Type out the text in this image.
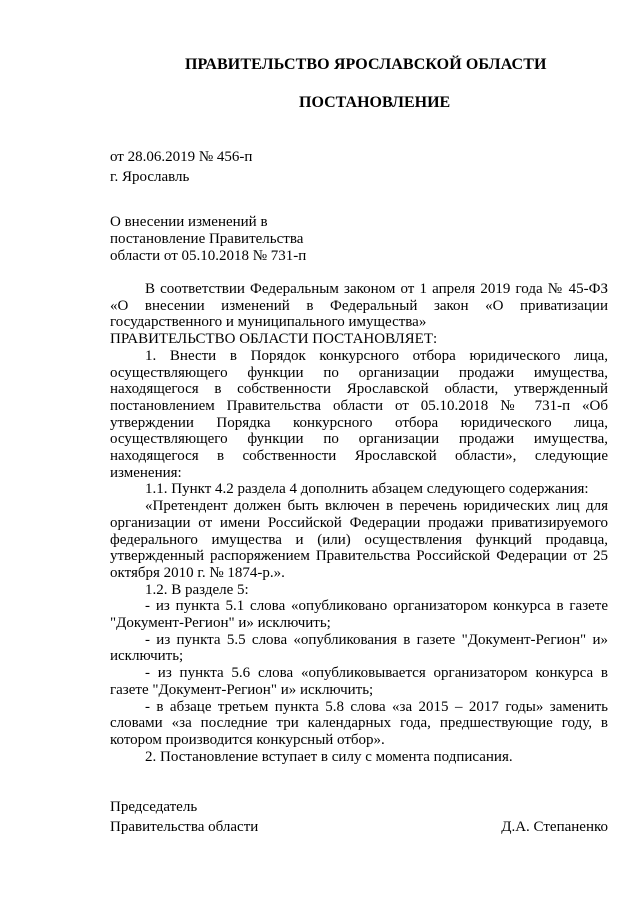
ПРАВИТЕЛЬСТВО ЯРОСЛАВСКОЙ ОБЛАСТИ
ПОСТАНОВЛЕНИЕ
от 28.06.2019 № 456-п
г. Ярославль
О внесении изменений в
постановление Правительства
области от 05.10.2018 № 731-п

В соответствии Федеральным законом от 1 апреля 2019 года № 45-ФЗ «О внесении изменений в Федеральный закон «О приватизации государственного и муниципального имущества»

ПРАВИТЕЛЬСТВО ОБЛАСТИ ПОСТАНОВЛЯЕТ:

1. Внести в Порядок конкурсного отбора юридического лица, осуществляющего функции по организации продажи имущества, находящегося в собственности Ярославской области, утвержденный постановлением Правительства области от 05.10.2018 № 731-п «Об утверждении Порядка конкурсного отбора юридического лица, осуществляющего функции по организации продажи имущества, находящегося в собственности Ярославской области», следующие изменения:

1.1. Пункт 4.2 раздела 4 дополнить абзацем следующего содержания:

«Претендент должен быть включен в перечень юридических лиц для организации от имени Российской Федерации продажи приватизируемого федерального имущества и (или) осуществления функций продавца, утвержденный распоряжением Правительства Российской Федерации от 25 октября 2010 г. № 1874-р.».

1.2. В разделе 5:

- из пункта 5.1 слова «опубликовано организатором конкурса в газете "Документ-Регион" и» исключить;

- из пункта 5.5 слова «опубликования в газете "Документ-Регион" и» исключить;

- из пункта 5.6 слова «опубликовывается организатором конкурса в газете "Документ-Регион" и» исключить;

- в абзаце третьем пункта 5.8 слова «за 2015 – 2017 годы» заменить словами «за последние три календарных года, предшествующие году, в котором производится конкурсный отбор».

2. Постановление вступает в силу с момента подписания.

Председатель
Правительства области	Д.А. Степаненко
